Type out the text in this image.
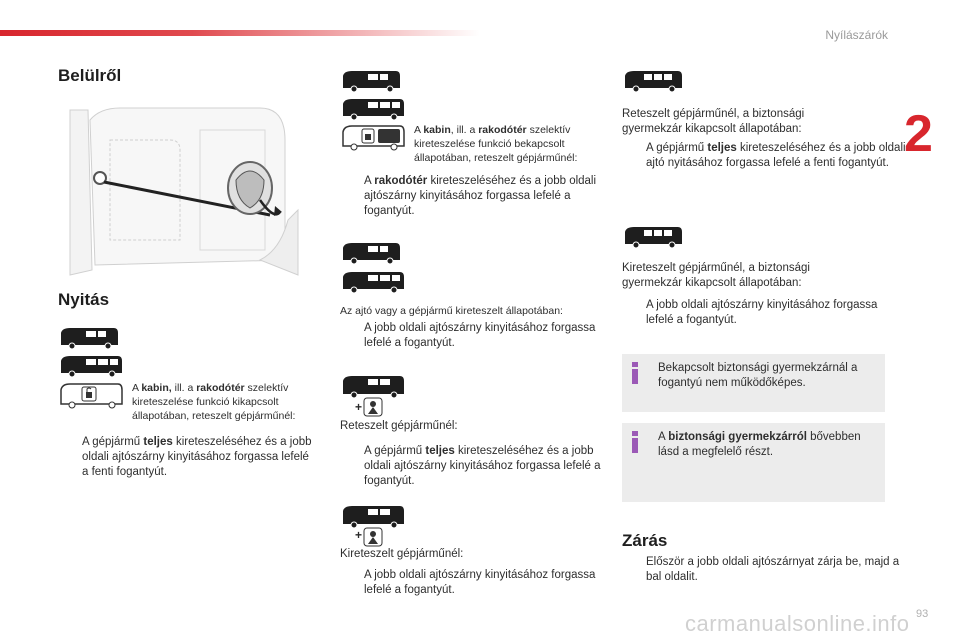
Nyílászárók
2
Belülről
Nyitás
A kabin, ill. a rakodótér szelektív kireteszelése funkció kikapcsolt állapotában, reteszelt gépjárműnél:
A gépjármű teljes kireteszeléséhez és a jobb oldali ajtószárny kinyitásához forgassa lefelé a fenti fogantyút.
A kabin, ill. a rakodótér szelektív kireteszelése funkció bekapcsolt állapotában, reteszelt gépjárműnél:
A rakodótér kireteszeléséhez és a jobb oldali ajtószárny kinyitásához forgassa lefelé a fogantyút.
Az ajtó vagy a gépjármű kireteszelt állapotában:
A jobb oldali ajtószárny kinyitásához forgassa lefelé a fogantyút.
+
Reteszelt gépjárműnél:
A gépjármű teljes kireteszeléséhez és a jobb oldali ajtószárny kinyitásához forgassa lefelé a fogantyút.
+
Kireteszelt gépjárműnél:
A jobb oldali ajtószárny kinyitásához forgassa lefelé a fogantyút.
Reteszelt gépjárműnél, a biztonsági gyermekzár kikapcsolt állapotában:
A gépjármű teljes kireteszeléséhez és a jobb oldali ajtó nyitásához forgassa lefelé a fenti fogantyút.
Kireteszelt gépjárműnél, a biztonsági gyermekzár kikapcsolt állapotában:
A jobb oldali ajtószárny kinyitásához forgassa lefelé a fogantyút.
Bekapcsolt biztonsági gyermekzárnál a fogantyú nem működőképes.
A biztonsági gyermekzárról bővebben lásd a megfelelő részt.
Zárás
Először a jobb oldali ajtószárnyat zárja be, majd a bal oldalit.
93
carmanualsonline.info
